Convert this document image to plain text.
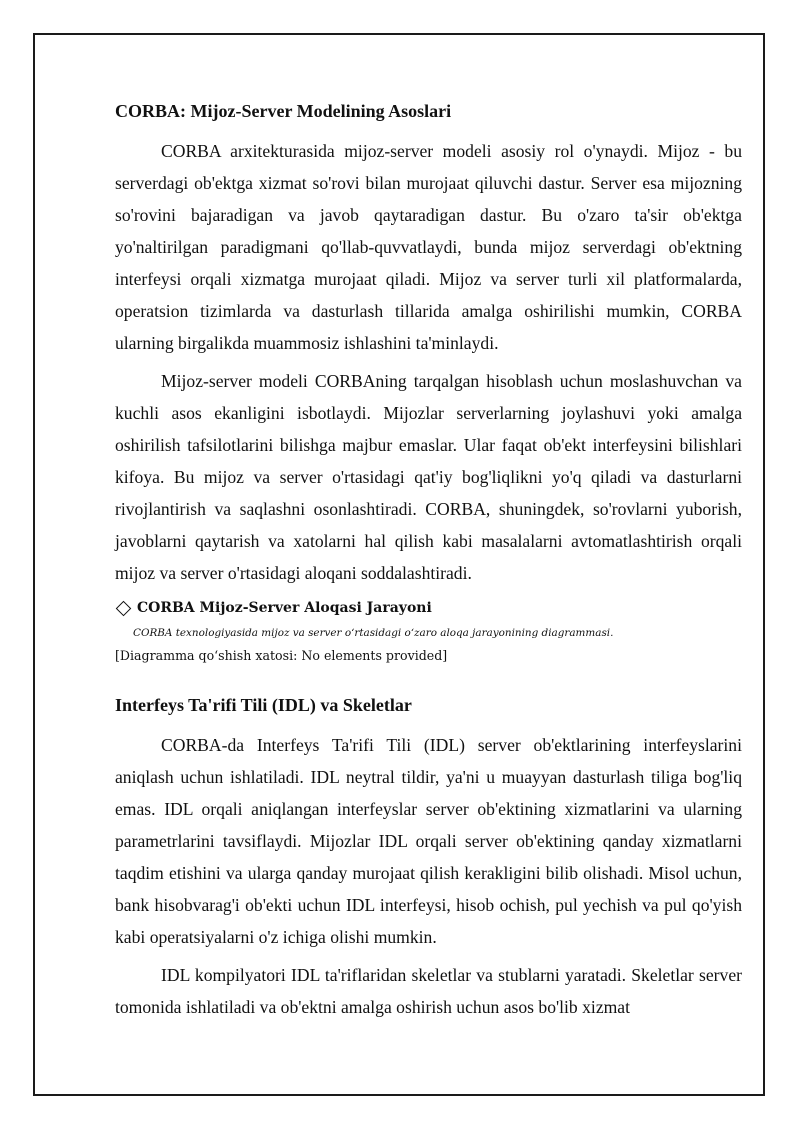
CORBA: Mijoz-Server Modelining Asoslari

CORBA arxitekturasida mijoz-server modeli asosiy rol o'ynaydi. Mijoz - bu serverdagi ob'ektga xizmat so'rovi bilan murojaat qiluvchi dastur. Server esa mijozning so'rovini bajaradigan va javob qaytaradigan dastur. Bu o'zaro ta'sir ob'ektga yo'naltirilgan paradigmani qo'llab-quvvatlaydi, bunda mijoz serverdagi ob'ektning interfeysi orqali xizmatga murojaat qiladi. Mijoz va server turli xil platformalarda, operatsion tizimlarda va dasturlash tillarida amalga oshirilishi mumkin, CORBA ularning birgalikda muammosiz ishlashini ta'minlaydi.

Mijoz-server modeli CORBAning tarqalgan hisoblash uchun moslashuvchan va kuchli asos ekanligini isbotlaydi. Mijozlar serverlarning joylashuvi yoki amalga oshirilish tafsilotlarini bilishga majbur emaslar. Ular faqat ob'ekt interfeysini bilishlari kifoya. Bu mijoz va server o'rtasidagi qat'iy bog'liqlikni yo'q qiladi va dasturlarni rivojlantirish va saqlashni osonlashtiradi. CORBA, shuningdek, so'rovlarni yuborish, javoblarni qaytarish va xatolarni hal qilish kabi masalalarni avtomatlashtirish orqali mijoz va server o'rtasidagi aloqani soddalashtiradi.

CORBA Mijoz-Server Aloqasi Jarayoni
CORBA texnologiyasida mijoz va server o‘rtasidagi o‘zaro aloqa jarayonining diagrammasi.
[Diagramma qo‘shish xatosi: No elements provided]
Interfeys Ta'rifi Tili (IDL) va Skeletlar

CORBA-da Interfeys Ta'rifi Tili (IDL) server ob'ektlarining interfeyslarini aniqlash uchun ishlatiladi. IDL neytral tildir, ya'ni u muayyan dasturlash tiliga bog'liq emas. IDL orqali aniqlangan interfeyslar server ob'ektining xizmatlarini va ularning parametrlarini tavsiflaydi. Mijozlar IDL orqali server ob'ektining qanday xizmatlarni taqdim etishini va ularga qanday murojaat qilish kerakligini bilib olishadi. Misol uchun, bank hisobvarag'i ob'ekti uchun IDL interfeysi, hisob ochish, pul yechish va pul qo'yish kabi operatsiyalarni o'z ichiga olishi mumkin.

IDL kompilyatori IDL ta'riflaridan skeletlar va stublarni yaratadi. Skeletlar server tomonida ishlatiladi va ob'ektni amalga oshirish uchun asos bo'lib xizmat
